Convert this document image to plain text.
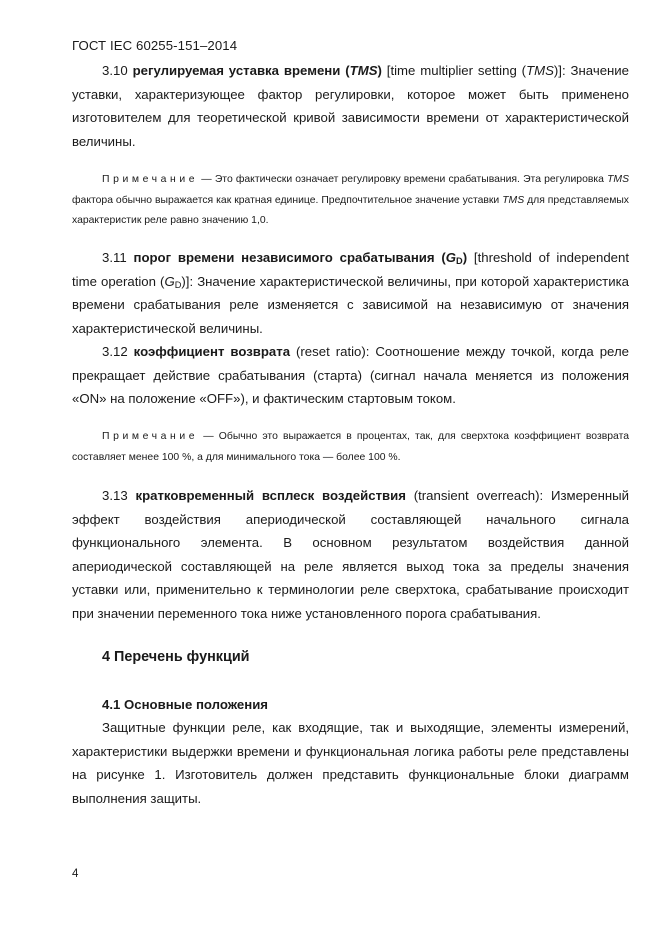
ГОСТ IEC 60255-151–2014

3.10 регулируемая уставка времени (TMS) [time multiplier setting (TMS)]: Значение уставки, характеризующее фактор регулировки, которое может быть применено изготовителем для теоретической кривой зависимости времени от характеристической величины.

Примечание — Это фактически означает регулировку времени срабатывания. Эта регулировка TMS фактора обычно выражается как кратная единице. Предпочтительное значение уставки TMS для представляемых характеристик реле равно значению 1,0.

3.11 порог времени независимого срабатывания $(G_D)$ [threshold of independent time operation $(G_D)$]: Значение характеристической величины, при которой характеристика времени срабатывания реле изменяется с зависимой на независимую от значения характеристической величины.

3.12 коэффициент возврата (reset ratio): Соотношение между точкой, когда реле прекращает действие срабатывания (старта) (сигнал начала меняется из положения «ON» на положение «OFF»), и фактическим стартовым током.

Примечание — Обычно это выражается в процентах, так, для сверхтока коэффициент возврата составляет менее 100 %, а для минимального тока — более 100 %.

3.13 кратковременный всплеск воздействия (transient overreach): Измеренный эффект воздействия апериодической составляющей начального сигнала функционального элемента. В основном результатом воздействия данной апериодической составляющей на реле является выход тока за пределы значения уставки или, применительно к терминологии реле сверхтока, срабатывание происходит при значении переменного тока ниже установленного порога срабатывания.

4 Перечень функций
4.1 Основные положения

Защитные функции реле, как входящие, так и выходящие, элементы измерений, характеристики выдержки времени и функциональная логика работы реле представлены на рисунке 1. Изготовитель должен представить функциональные блоки диаграмм выполнения защиты.

4
